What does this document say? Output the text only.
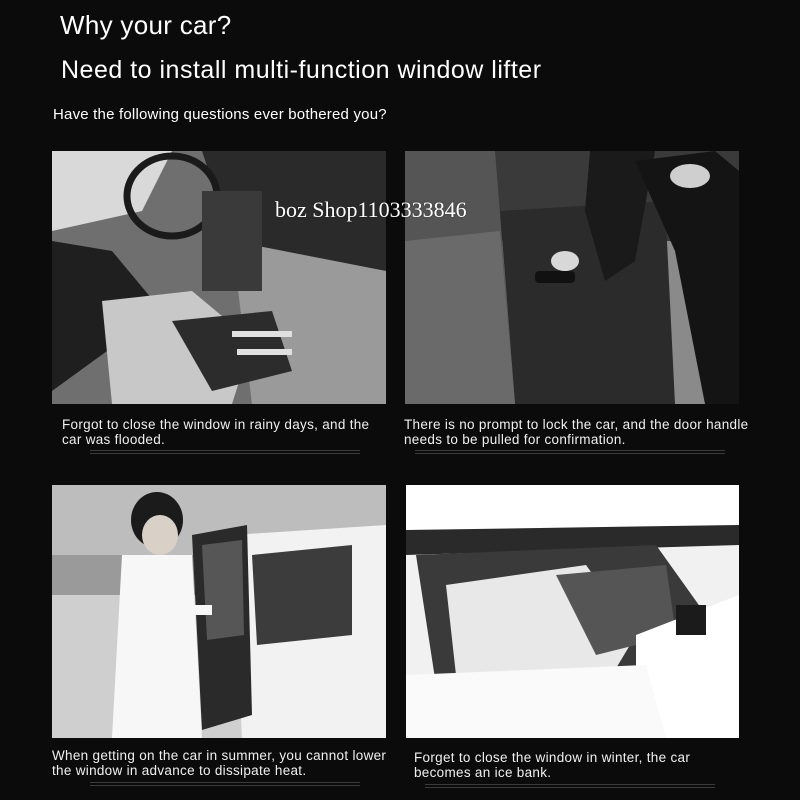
Why your car?
Need to install multi-function window lifter
Have the following questions ever bothered you?
boz Shop1103333846
Forgot to close the window in rainy days, and the car was flooded.
There is no prompt to lock the car, and the door handle needs to be pulled for confirmation.
When getting on the car in summer, you cannot lower the window in advance to dissipate heat.
Forget to close the window in winter, the car becomes an ice bank.
